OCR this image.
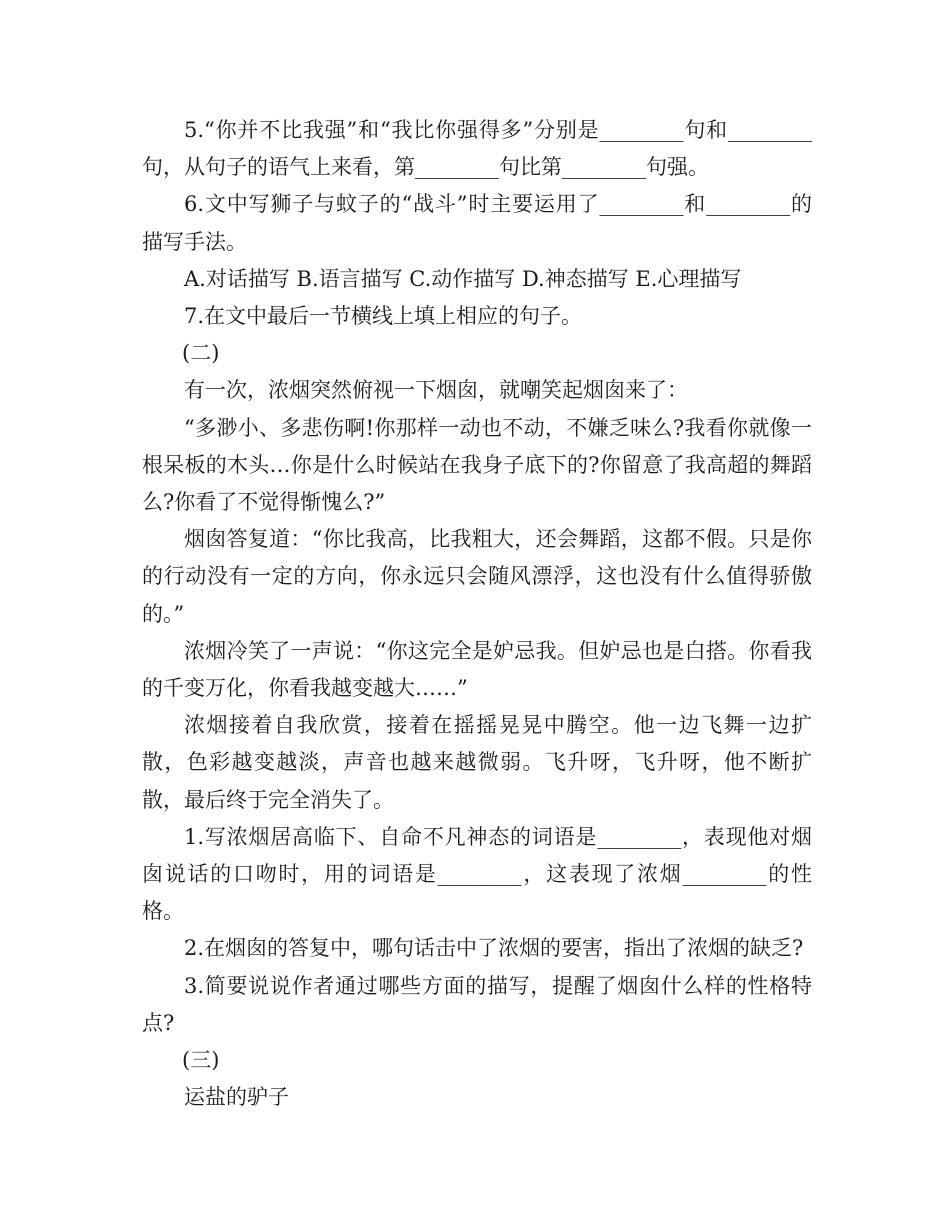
5.“你并不比我强”和“我比你强得多”分别是________句和________句，从句子的语气上来看，第________句比第________句强。

6.文中写狮子与蚊子的“战斗”时主要运用了________和________的描写手法。

A.对话描写 B.语言描写 C.动作描写 D.神态描写 E.心理描写

7.在文中最后一节横线上填上相应的句子。

(二)

有一次，浓烟突然俯视一下烟囱，就嘲笑起烟囱来了：

“多渺小、多悲伤啊!你那样一动也不动，不嫌乏味么?我看你就像一根呆板的木头…你是什么时候站在我身子底下的?你留意了我高超的舞蹈么?你看了不觉得惭愧么?”

烟囱答复道：“你比我高，比我粗大，还会舞蹈，这都不假。只是你的行动没有一定的方向，你永远只会随风漂浮，这也没有什么值得骄傲的。”

浓烟冷笑了一声说：“你这完全是妒忌我。但妒忌也是白搭。你看我的千变万化，你看我越变越大……”

浓烟接着自我欣赏，接着在摇摇晃晃中腾空。他一边飞舞一边扩散，色彩越变越淡，声音也越来越微弱。飞升呀，飞升呀，他不断扩散，最后终于完全消失了。

1.写浓烟居高临下、自命不凡神态的词语是________，表现他对烟囱说话的口吻时，用的词语是________，这表现了浓烟________的性格。

2.在烟囱的答复中，哪句话击中了浓烟的要害，指出了浓烟的缺乏?

3.简要说说作者通过哪些方面的描写，提醒了烟囱什么样的性格特点?

(三)

运盐的驴子
